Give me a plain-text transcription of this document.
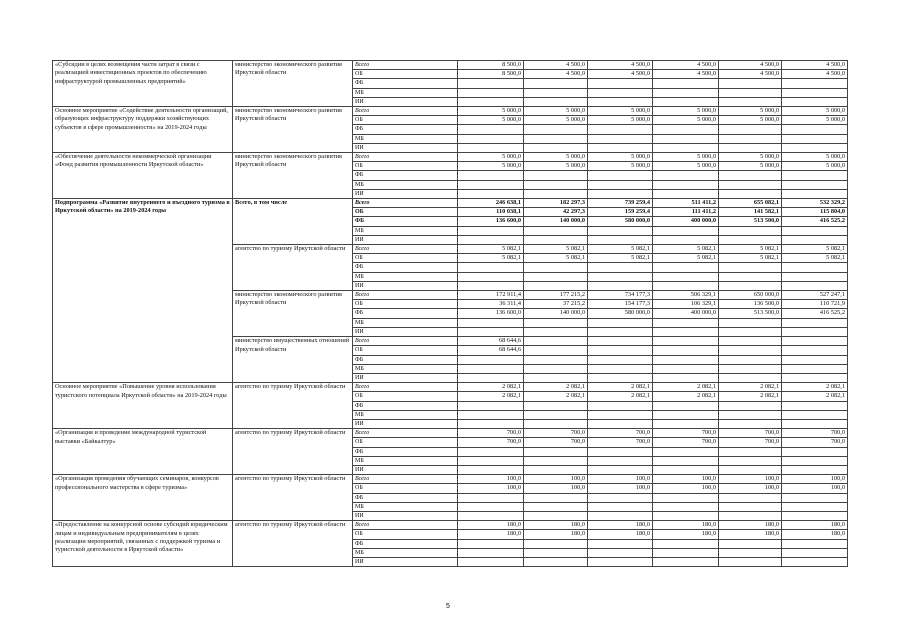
«Субсидии в целях возмещения части затрат в связи с реализацией инвестиционных проектов по обеспечению инфраструктурой промышленных предприятий»	министерство экономического развития Иркутской области	Всего	8 500,0	4 500,0	4 500,0	4 500,0	4 500,0	4 500,0
		ОБ	8 500,0	4 500,0	4 500,0	4 500,0	4 500,0	4 500,0
		ФБ						
		МБ						
		ИИ						
Основное мероприятие «Содействие деятельности организаций, образующих инфраструктуру поддержки хозяйствующих субъектов в сфере промышленности» на 2019-2024 годы	министерство экономического развития Иркутской области	Всего	5 000,0	5 000,0	5 000,0	5 000,0	5 000,0	5 000,0
		ОБ	5 000,0	5 000,0	5 000,0	5 000,0	5 000,0	5 000,0
		ФБ						
		МБ						
		ИИ						
«Обеспечение деятельности некоммерческой организации «Фонд развития промышленности Иркутской области»	министерство экономического развития Иркутской области	Всего	5 000,0	5 000,0	5 000,0	5 000,0	5 000,0	5 000,0
		ОБ	5 000,0	5 000,0	5 000,0	5 000,0	5 000,0	5 000,0
		ФБ						
		МБ						
		ИИ						
Подпрограмма «Развитие внутреннего и въездного туризма в Иркутской области» на 2019-2024 годы	Всего, в том числе	Всего	246 638,1	182 297,3	739 259,4	511 411,2	655 082,1	532 329,2
		ОБ	110 038,1	42 297,3	159 259,4	111 411,2	141 582,1	115 804,0
		ФБ	136 600,0	140 000,0	580 000,0	400 000,0	513 500,0	416 525,2
		МБ						
		ИИ						
	агентство по туризму Иркутской области	Всего	5 082,1	5 082,1	5 082,1	5 082,1	5 082,1	5 082,1
		ОБ	5 082,1	5 082,1	5 082,1	5 082,1	5 082,1	5 082,1
		ФБ						
		МБ						
		ИИ						
	министерство экономического развития Иркутской области	Всего	172 911,4	177 215,2	734 177,3	506 329,1	650 000,0	527 247,1
		ОБ	36 311,4	37 215,2	154 177,3	106 329,1	136 500,0	110 721,9
		ФБ	136 600,0	140 000,0	580 000,0	400 000,0	513 500,0	416 525,2
		МБ						
		ИИ						
	министерство имущественных отношений Иркутской области	Всего	68 644,6					
		ОБ	68 644,6					
		ФБ						
		МБ						
		ИИ						
Основное мероприятие «Повышение уровня использования туристского потенциала Иркутской области» на 2019-2024 годы	агентство по туризму Иркутской области	Всего	2 082,1	2 082,1	2 082,1	2 082,1	2 082,1	2 082,1
		ОБ	2 082,1	2 082,1	2 082,1	2 082,1	2 082,1	2 082,1
		ФБ						
		МБ						
		ИИ						
«Организация и проведение международной туристской выставки «Байкалтур»	агентство по туризму Иркутской области	Всего	700,0	700,0	700,0	700,0	700,0	700,0
		ОБ	700,0	700,0	700,0	700,0	700,0	700,0
		ФБ						
		МБ						
		ИИ						
«Организация проведения обучающих семинаров, конкурсов профессионального мастерства в сфере туризма»	агентство по туризму Иркутской области	Всего	100,0	100,0	100,0	100,0	100,0	100,0
		ОБ	100,0	100,0	100,0	100,0	100,0	100,0
		ФБ						
		МБ						
		ИИ						
«Предоставление на конкурсной основе субсидий юридическим лицам и индивидуальным предпринимателям в целях реализации мероприятий, связанных с поддержкой туризма и туристской деятельности в Иркутской области»	агентство по туризму Иркутской области	Всего	180,0	180,0	180,0	180,0	180,0	180,0
		ОБ	180,0	180,0	180,0	180,0	180,0	180,0
		ФБ						
		МБ						
		ИИ						
5
